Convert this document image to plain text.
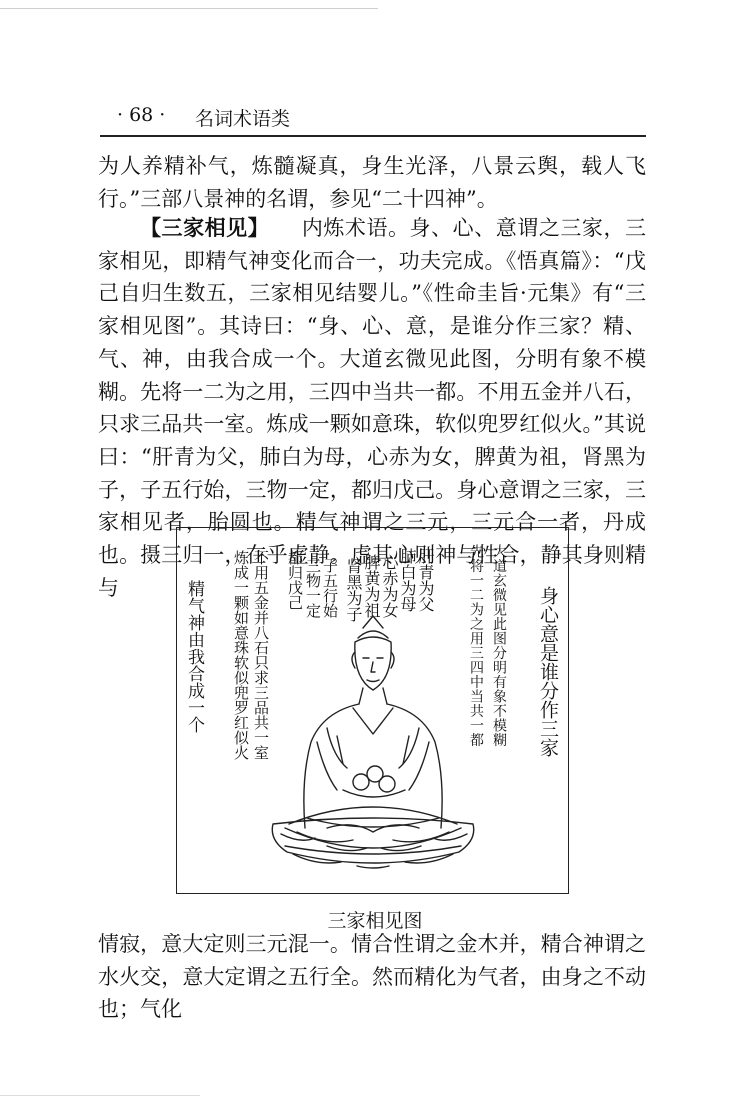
· 68 · 名词术语类

为人养精补气，炼髓凝真，身生光泽，八景云舆，载人飞行。”三部八景神的名谓，参见“二十四神”。

【三家相见】 内炼术语。身、心、意谓之三家，三家相见，即精气神变化而合一，功夫完成。《悟真篇》：“戊己自归生数五，三家相见结婴儿。”《性命圭旨·元集》有“三家相见图”。其诗曰：“身、心、意，是谁分作三家？精、气、神，由我合成一个。大道玄微见此图，分明有象不模糊。先将一二为之用，三四中当共一都。不用五金并八石，只求三品共一室。炼成一颗如意珠，软似兜罗红似火。”其说曰：“肝青为父，肺白为母，心赤为女，脾黄为祖，肾黑为子，子五行始，三物一定，都归戊己。身心意谓之三家，三家相见者，胎圆也。精气神谓之三元，三元合一者，丹成也。摄三归一，在乎虚静。虚其心则神与性合，静其身则精与	身心意是谁分作三家
大道玄微见此图分明有象不模糊
先将一二为之用三四中当共一都
肝青为父
肺白为母
心赤为女
脾黄为祖
肾黑为子
子五行始
三物一定
都归戊己
不用五金并八石只求三品共一室
炼成一颗如意珠软似兜罗红似火
精气神由我合成一个
三家相见图

情寂，意大定则三元混一。情合性谓之金木并，精合神谓之水火交，意大定谓之五行全。然而精化为气者，由身之不动也；气化
